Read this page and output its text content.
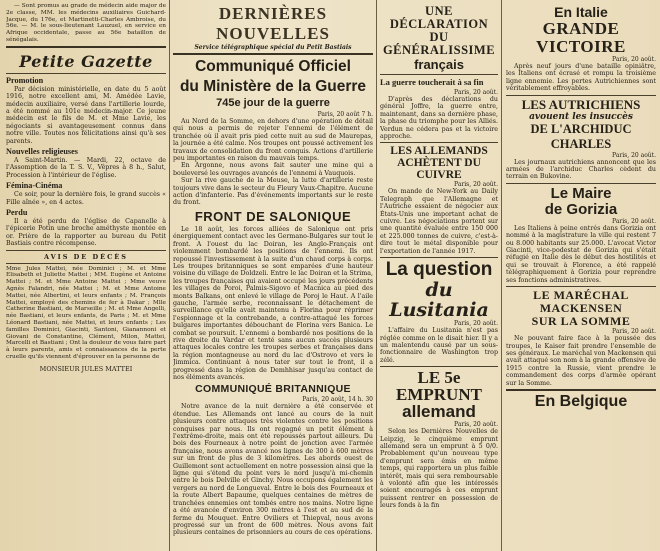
— Sont promus au grade de médecin aide major de 2e classe, MM. les médecins auxiliaires Guichard-Jacque, du 176e, et Martinetti-Charles Ambroise, du 56e. — M. le sous-lieutenant Lauzuel, en service en Afrique occidentale, passe au 56e bataillon de sénégalais.

Petite Gazette
Promotion

Par décision ministérielle, en date du 5 août 1916, notre excellent ami, M. Amédée Lavie, médecin auxiliaire, versé dans l'artillerie lourde, a été nommé au 101e médecin-major. Ce jeune médecin est le fils de M. et Mme Lavie, les négociants si avantageusement connus dans notre ville. Toutes nos félicitations ainsi qu'à ses parents.

Nouvelles religieuses

A Saint-Martin. — Mardi, 22, octave de l'Assomption de la T. S. V., Vêpres à 8 h., Salut, Procession à l'intérieur de l'église.

Fémina-Cinéma

Ce soir, pour la dernière fois, le grand succès « Fille aînée », en 4 actes.

Perdu

Il a été perdu de l'église de Capanelle à l'épicerie Potin une broche améthyste montée en or. Prière de la rapporter au bureau du Petit Bastiais contre récompense.

AVIS DE DÉCÈS

Mme Jules Mattei, née Dominici ; M. et Mme Elisabeth et Juliette Mattei ; MM. Eugène et Antoine Mattei ; M. et Mme Antoine Mattei ; Mme veuve Agnès Falandri, née Mattei ; M. et Mme Antoine Mattei, née Albertini, et leurs enfants ; M. François Mattei, employé des chemins de fer à Dakar ; Mlle Catherine Bastiani, de Marseille ; M. et Mme Angelli, née Bastiani, et leurs enfants, de Paris ; M. et Mme Léonard Bastiani, née Mattei, et leurs enfants ; Les familles Dominici, Giacinti, Santoni, Gianannoni et Giovani de Constantine, Clément, Milon, Mattei, Marcelli et Bastiani ; Ont la douleur de vous faire part à leurs parents, amis et connaissances de la perte cruelle qu'ils viennent d'éprouver en la personne de

MONSIEUR JULES MATTEI
DERNIÈRES NOUVELLES
Service télégraphique spécial du Petit Bastiais
Communiqué Officiel
du Ministère de la Guerre
745e jour de la guerre
Paris, 20 août 7 h.

Au Nord de la Somme, en dehors d'une opération de détail qui nous a permis de rejeter l'ennemi de l'élément de tranchée où il avait pris pied cette nuit au sud de Maurepas, la journée a été calme. Nos troupes ont poussé activement les travaux de consolidation du front conquis. Actions d'artillerie peu importantes en raison du mauvais temps.

En Argonne, nous avons fait sauter une mine qui a bouleversé les ouvrages avancés de l'ennemi à Vauquois.

Sur la rive gauche de la Meuse, la lutte d'artillerie reste toujours vive dans le secteur du Fleury Vaux-Chapitre. Aucune action d'infanterie. Pas d'événements importants sur le reste du front.

FRONT DE SALONIQUE

Le 18 août, les forces alliées de Salonique ont pris énergiquement contact avec les Germano-Bulgares sur tout le front. A l'ouest du lac Doiran, les Anglo-Français ont violemment bombardé les positions de l'ennemi. Ils ont repoussé l'investissement à la suite d'un chaud corps à corps. Les troupes britanniques se sont emparées d'une hauteur voisine du village de Doldzeli. Entre le lac Doiran et la Strima, les troupes françaises qui avaient occupé les jours précédents les villages de Poroi, Palmis-Sigovo et Macnica au pied des monts Balkans, ont enlevé le village de Poroj le Haut. A l'aile gauche, l'armée serbe, reconnaissant le détachement de surveillance qu'elle avait maintenu à Florina pour réprimer l'espionnage et la contrebande, a contre-attaqué les forces bulgares importantes débouchant de Florina vers Banica. Le combat se poursuit. L'ennemi a bombardé nos positions de la rive droite du Vardar et tenté sans aucun succès plusieurs attaques locales contre les troupes serbes et françaises dans la région montagneuse au nord du lac d'Ostrovo et vers le Jimmica. Continuant à nous tater sur tout le front, il a progressé dans la région de Demhhisar jusqu'au contact de nos éléments avancés.

COMMUNIQUÉ BRITANNIQUE
Paris, 20 août, 14 h. 30

Notre avance de la nuit dernière a été conservée et étendue. Les Allemands ont lancé au cours de la nuit plusieurs contre attaques très violentes contre les positions conquises par nous. Ils ont regagné un petit élément à l'extrême-droite, mais ont été repoussés partout ailleurs. Du bois des Fourneaux à notre point de jonction avec l'armée française, nous avons avancé nos lignes de 300 à 600 mètres sur un front de plus de 3 kilomètres. Les abords ouest de Guillemont sont actuellement en notre possession ainsi que la ligne qui s'étend du point vers le nord jusqu'à mi-chemin entre le bois Delville et Ginchy. Nous occupons également les vergers au nord de Longueval. Entre le bois des Fourneaux et la route Albert Bapaume, quelques centaines de mètres de tranchées ennemies ont tombés entre nos mains. Notre ligne a été avancée d'environ 300 mètres à l'est et au sud de la ferme du Mouquet. Entre Oviliers et Thiepval, nous avons progressé sur un front de 600 mètres. Nous avons fait plusieurs centaines de prisonniers au cours de ces opérations.

UNE DÉCLARATION DU GÉNÉRALISSIME
français
La guerre toucherait à sa fin
Paris, 20 août.

D'après des déclarations du général Joffre, la guerre entre, maintenant, dans sa dernière phase, la phase du triomphe pour les Alliés. Verdun ne cédera pas et la victoire approche.

LES ALLEMANDS ACHÈTENT DU CUIVRE
Paris, 20 août.

On mande de New-York au Daily Telegraph que l'Allemagne et l'Autriche essaient de négocier aux États-Unis une important achat de cuivre. Les négociations portent sur une quantité évaluée entre 150 000 et 225.000 tonnes de cuivre, c'est-à-dire tout le métal disponible pour l'exportation de l'année 1917.

La question
du Lusitania
Paris, 20 août.

L'affaire du Lusitania n'est pas réglée comme on le disait hier. Il y a un malentendu causé par un sous-fonctionnaire de Washington trop zélé.

LE 5e EMPRUNT
allemand
Paris, 20 août.

Selon les Dernières Nouvelles de Leipzig, le cinquième emprunt allemand sera un emprunt à 5 0/0. Probablement qu'un nouveau type d'emprunt sera émis en même temps, qui rapportera un plus faible intérêt, mais qui sera remboursable à volonté afin que les intéressés soient encouragés à ces emprunt puissent rentrer en possession de leurs fonds à la fin

En Italie
GRANDE VICTOIRE
Paris, 20 août.

Après neuf jours d'une bataille opiniâtre, les Italiens ont écrasé et rompu la troisième ligne ennemie. Les pertes Autrichiennes sont véritablement effroyables.

LES AUTRICHIENS
avouent les insuccès
DE L'ARCHIDUC CHARLES
Paris, 20 août.

Les journaux autrichiens annoncent que les armées de l'archiduc Charles cèdent du terrain en Bukovine.

Le Maire
de Gorizia
Paris, 20 août.

Les Italiens à peine entrés dans Gorizia ont nommé à la magistrature la ville qui restent 7 ou 8.000 habitants sur 25.000. L'avocat Victor Giacinti, vice-podestat de Gorizia qui s'était réfugié en Italie dès le début des hostilités et qui se trouvait à Florence, a été rappelé télégraphiquement à Gorizia pour reprendre ses fonctions administratives.

LE MARÉCHAL
MACKENSEN
SUR LA SOMME
Paris, 20 août.

Ne pouvant faire face à la poussée des troupes, le Kaiser fait prendre l'ensemble de ses généraux. Le maréchal von Mackensen qui avait attaqué son nom à la grande offensive de 1915 contre la Russie, vient prendre le commandement des corps d'armée opérant sur la Somme.

En Belgique
